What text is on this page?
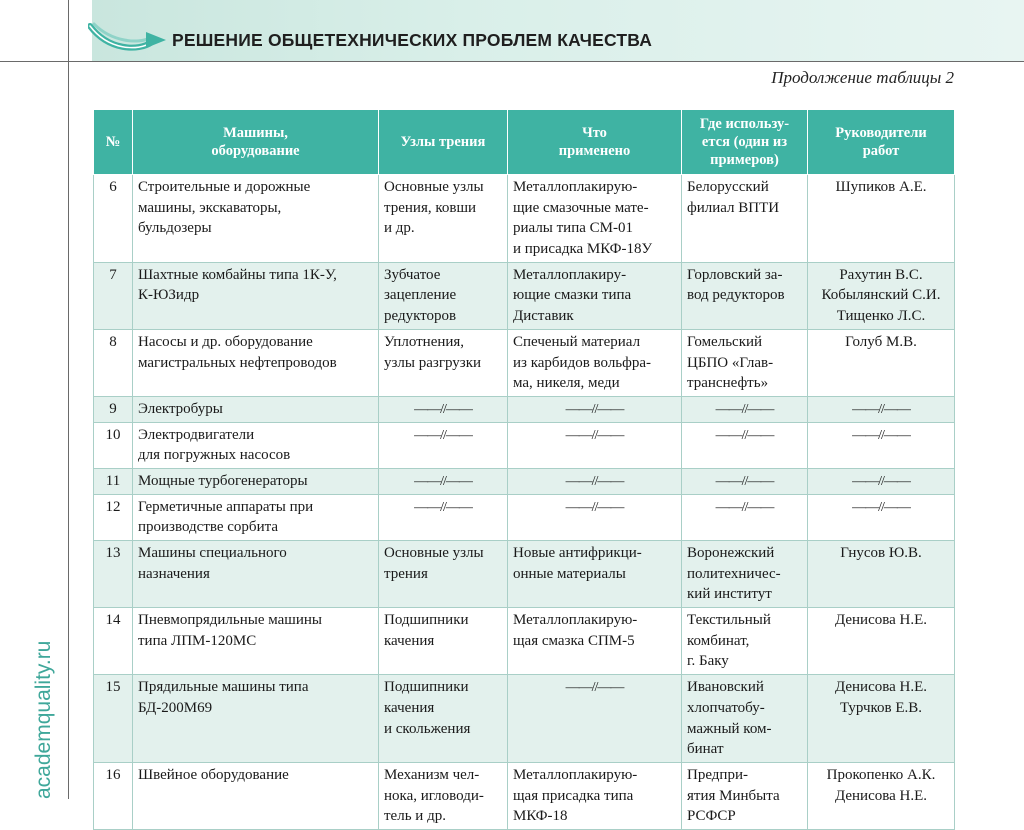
РЕШЕНИЕ ОБЩЕТЕХНИЧЕСКИХ ПРОБЛЕМ КАЧЕСТВА
Продолжение таблицы 2
academquality.ru
№	Машины,
оборудование	Узлы трения	Что
применено	Где использу-
ется (один из
примеров)	Руководители
работ
6	Строительные и дорожные
машины, экскаваторы,
бульдозеры	Основные узлы
трения, ковши
и др.	Металлоплакирую-
щие смазочные мате-
риалы типа СМ-01
и присадка МКФ-18У	Белорусский
филиал ВПТИ	Шупиков А.Е.
7	Шахтные комбайны типа 1К-У,
К-ЮЗидр	Зубчатое
зацепление
редукторов	Металлоплакиру-
ющие смазки типа
Диставик	Горловский за-
вод редукторов	Рахутин В.С.
Кобылянский С.И.
Тищенко Л.С.
8	Насосы и др. оборудование
магистральных нефтепроводов	Уплотнения,
узлы разгрузки	Спеченый материал
из карбидов вольфра-
ма, никеля, меди	Гомельский
ЦБПО «Глав-
транснефть»	Голуб М.В.
9	Электробуры	——//——	——//——	——//——	——//——
10	Электродвигатели
для погружных насосов	——//——	——//——	——//——	——//——
11	Мощные турбогенераторы	——//——	——//——	——//——	——//——
12	Герметичные аппараты при
производстве сорбита	——//——	——//——	——//——	——//——
13	Машины специального
назначения	Основные узлы
трения	Новые антифрикци-
онные материалы	Воронежский
политехничес-
кий институт	Гнусов Ю.В.
14	Пневмопрядильные машины
типа ЛПМ-120МС	Подшипники
качения	Металлоплакирую-
щая смазка СПМ-5	Текстильный
комбинат,
г. Баку	Денисова Н.Е.
15	Прядильные машины типа
БД-200М69	Подшипники
качения
и скольжения	——//——	Ивановский
хлопчатобу-
мажный ком-
бинат	Денисова Н.Е.
Турчков Е.В.
16	Швейное оборудование	Механизм чел-
нока, игловоди-
тель и др.	Металлоплакирую-
щая присадка типа
МКФ-18	Предпри-
ятия Минбыта
РСФСР	Прокопенко А.К.
Денисова Н.Е.
